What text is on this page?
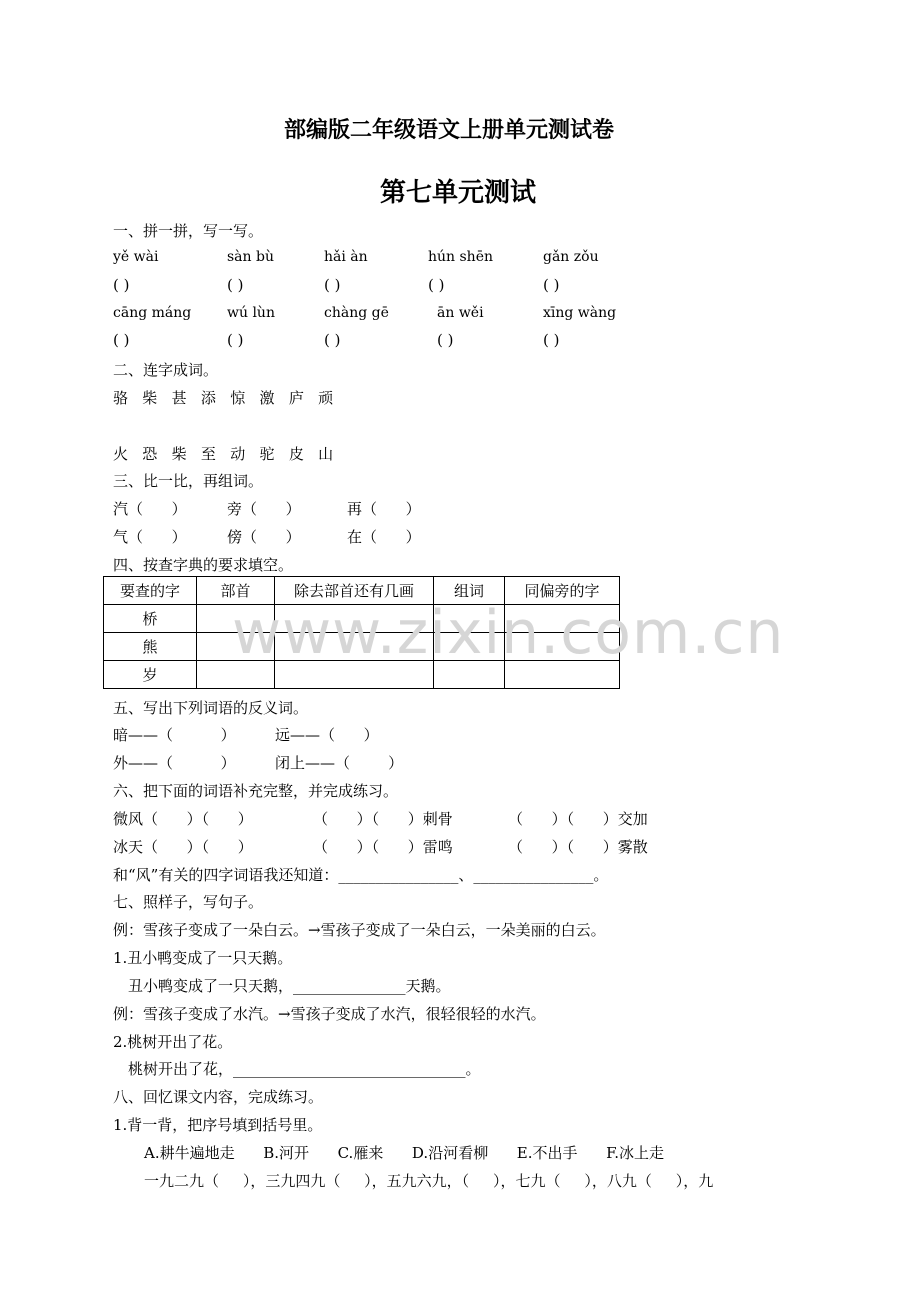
部编版二年级语文上册单元测试卷
第七单元测试
一、拼一拼，写一写。
yě wài	sàn bù	hǎi àn	hún shēn	gǎn zǒu
( )	( )	( )	( )	( )
cāng máng	wú lùn	chàng gē	ān wěi	xīng wàng
( )	( )	( )	( )	( )
二、连字成词。
骆   柴   甚   添   惊   激   庐   顽
火   恐   柴   至   动   驼   皮   山
三、比一比，再组词。
汽（      ）	旁（      ）	再（      ）
气（      ）	傍（      ）	在（      ）
四、按查字典的要求填空。
要查的字	部首	除去部首还有几画	组词	同偏旁的字
桥				
熊				
岁				
www.zixin.com.cn
五、写出下列词语的反义词。
暗——（          ）	远——（      ）
外——（          ）	闭上——（        ）
六、把下面的词语补充完整，并完成练习。
微风（      ）（      ）	（      ）（      ）刺骨	（      ）（      ）交加
冰天（      ）（      ）	（      ）（      ）雷鸣	（      ）（      ）雾散
和“风”有关的四字词语我还知道：________________、________________。
七、照样子，写句子。
例：雪孩子变成了一朵白云。→雪孩子变成了一朵白云，一朵美丽的白云。
1.丑小鸭变成了一只天鹅。
丑小鸭变成了一只天鹅，_______________天鹅。
例：雪孩子变成了水汽。→雪孩子变成了水汽，很轻很轻的水汽。
2.桃树开出了花。
桃树开出了花，_______________________________。
八、回忆课文内容，完成练习。
1.背一背，把序号填到括号里。
A.耕牛遍地走      B.河开      C.雁来      D.沿河看柳      E.不出手      F.冰上走
一九二九（     ），三九四九（     ），五九六九，（     ），七九（     ），八九（     ），九
